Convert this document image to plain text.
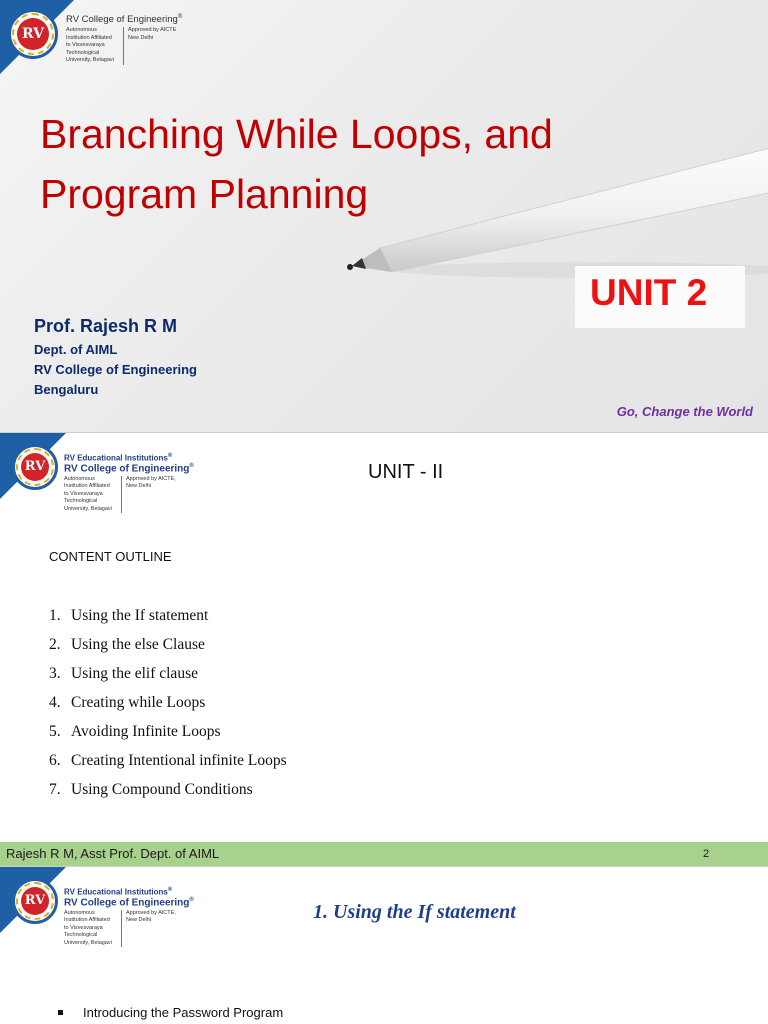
RV
RV College of Engineering®
Autonomous
Institution Affiliated
to Visvesvaraya
Technological
University, Belagavi
Approved by AICTE
New Delhi
Branching While Loops, and
Program Planning
UNIT 2
Prof. Rajesh R M
Dept. of AIML
RV College of Engineering
Bengaluru
Go, Change the World
RV
RV Educational Institutions®
RV College of Engineering®
Autonomous
Institution Affiliated
to Visvesvaraya
Technological
University, Belagavi
Approved by AICTE,
New Delhi
UNIT - II
CONTENT OUTLINE
1. Using the If statement
2. Using the else Clause
3. Using the elif clause
4. Creating while Loops
5. Avoiding Infinite Loops
6. Creating Intentional infinite Loops
7. Using Compound Conditions
Rajesh R M, Asst Prof. Dept. of AIML	2
RV
RV Educational Institutions®
RV College of Engineering®
Autonomous
Institution Affiliated
to Visvesvaraya
Technological
University, Belagavi
Approved by AICTE,
New Delhi	1. Using the If statement
Introducing the Password Program
